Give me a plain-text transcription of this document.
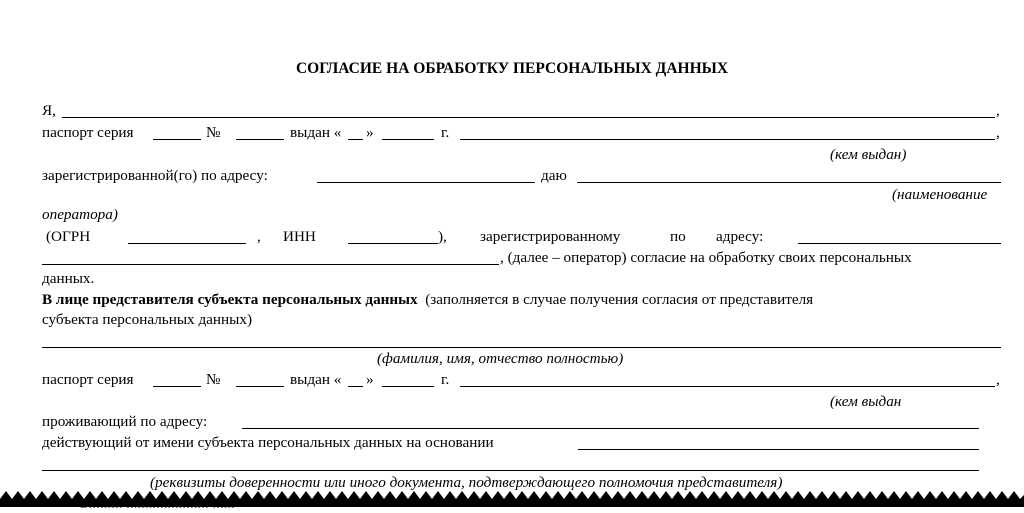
СОГЛАСИЕ НА ОБРАБОТКУ ПЕРСОНАЛЬНЫХ ДАННЫХ
Я,	,
паспорт серия	№	выдан « »	г.	,
(кем выдан)
зарегистрированной(го) по адресу:	даю
(наименование
оператора)
(ОГРН	, ИНН	), зарегистрированному	по адресу:
, (далее – оператор) согласие на обработку своих персональных
данных.
В лице представителя субъекта персональных данных (заполняется в случае получения согласия от представителя
субъекта персональных данных)
(фамилия, имя, отчество полностью)
паспорт серия	№	выдан « »	г.	,
(кем выдан
проживающий по адресу:
действующий от имени субъекта персональных данных на основании
(реквизиты доверенности или иного документа, подтверждающего полномочия представителя)
